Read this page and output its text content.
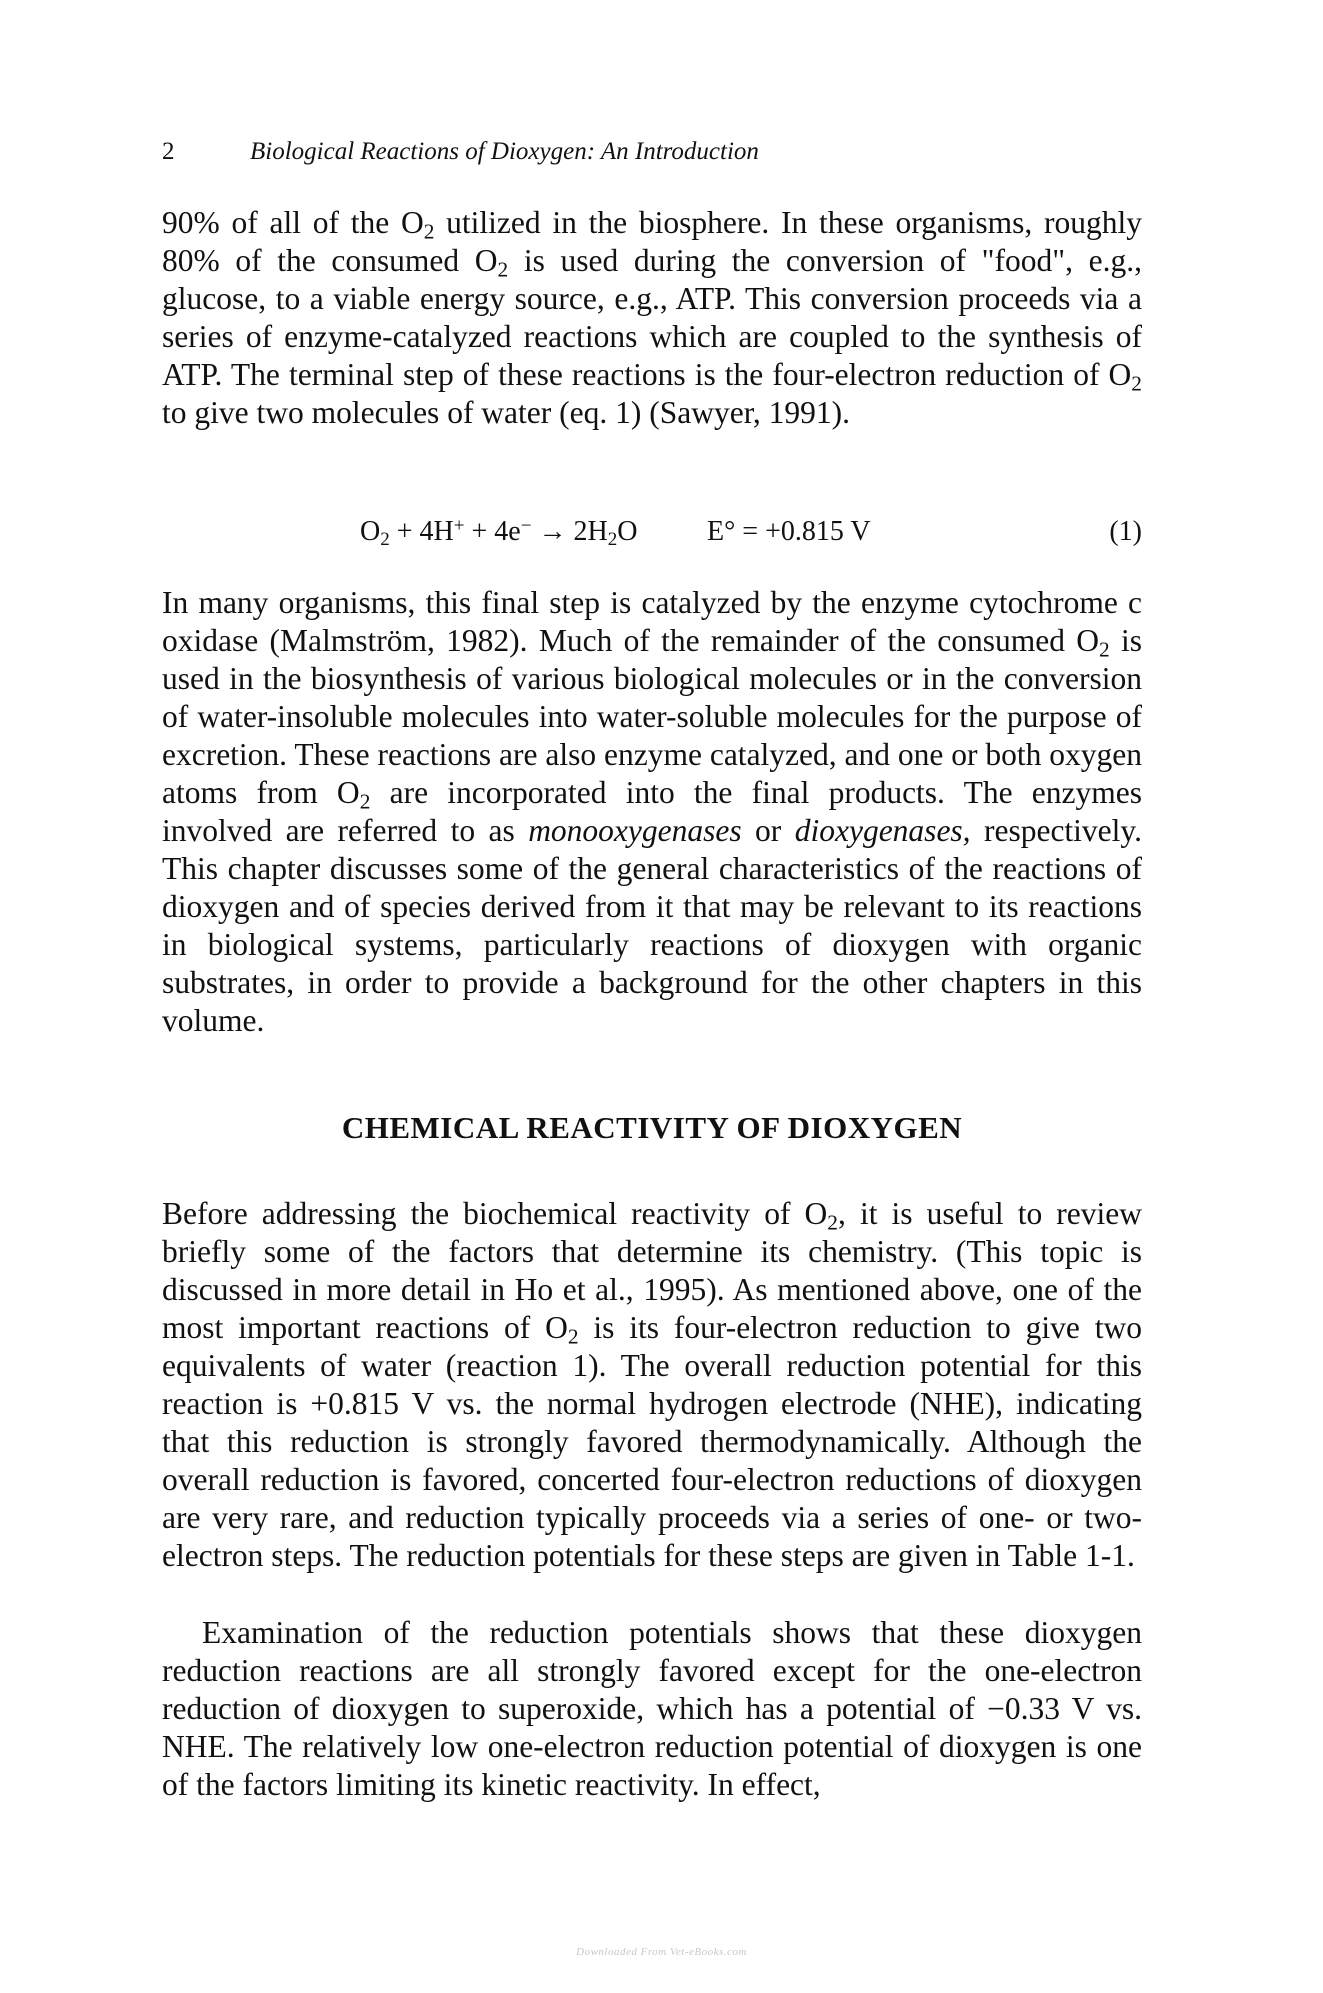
2	Biological Reactions of Dioxygen: An Introduction

90% of all of the $O_2$ utilized in the biosphere. In these organisms, roughly 80% of the consumed $O_2$ is used during the conversion of "food", e.g., glucose, to a viable energy source, e.g., ATP. This conversion proceeds via a series of enzyme-catalyzed reactions which are coupled to the synthesis of ATP. The terminal step of these reactions is the four-electron reduction of $O_2$ to give two molecules of water (eq. 1) (Sawyer, 1991).

$O_2 + 4H^+ + 4e^- \to 2H_2O$ E° = +0.815 V	(1)

In many organisms, this final step is catalyzed by the enzyme cytochrome c oxidase (Malmström, 1982). Much of the remainder of the consumed $O_2$ is used in the biosynthesis of various biological molecules or in the conversion of water-insoluble molecules into water-soluble molecules for the purpose of excretion. These reactions are also enzyme catalyzed, and one or both oxygen atoms from $O_2$ are incorporated into the final products. The enzymes involved are referred to as monooxygenases or dioxygenases, respectively. This chapter discusses some of the general characteristics of the reactions of dioxygen and of species derived from it that may be relevant to its reactions in biological systems, particularly reactions of dioxygen with organic substrates, in order to provide a background for the other chapters in this volume.

CHEMICAL REACTIVITY OF DIOXYGEN

Before addressing the biochemical reactivity of $O_2$, it is useful to review briefly some of the factors that determine its chemistry. (This topic is discussed in more detail in Ho et al., 1995). As mentioned above, one of the most important reactions of $O_2$ is its four-electron reduction to give two equivalents of water (reaction 1). The overall reduction potential for this reaction is +0.815 V vs. the normal hydrogen electrode (NHE), indicating that this reduction is strongly favored thermodynamically. Although the overall reduction is favored, concerted four-electron reductions of dioxygen are very rare, and reduction typically proceeds via a series of one- or two-electron steps. The reduction potentials for these steps are given in Table 1-1.

Examination of the reduction potentials shows that these dioxygen reduction reactions are all strongly favored except for the one-electron reduction of dioxygen to superoxide, which has a potential of −0.33 V vs. NHE. The relatively low one-electron reduction potential of dioxygen is one of the factors limiting its kinetic reactivity. In effect,

Downloaded From Vet-eBooks.com
